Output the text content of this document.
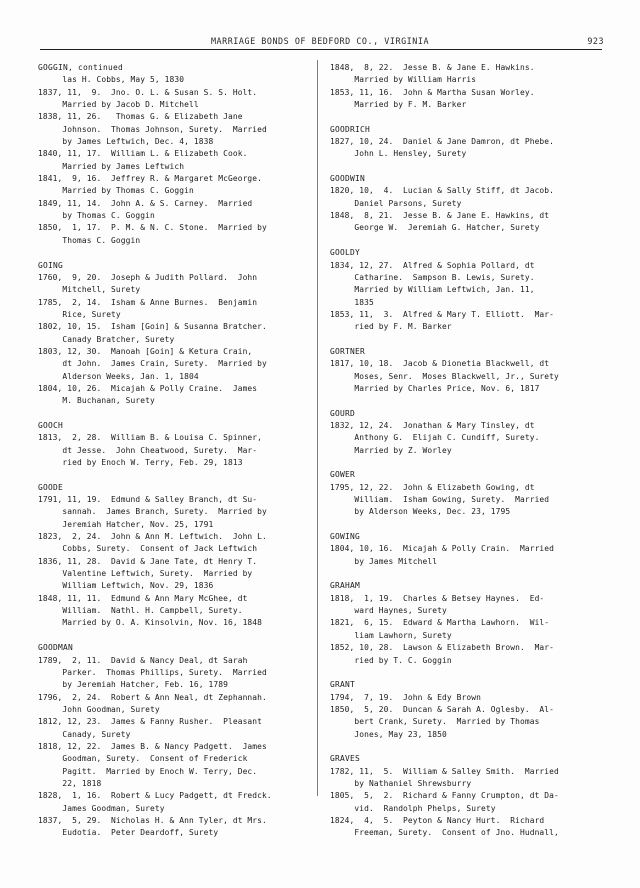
MARRIAGE BONDS OF BEDFORD CO., VIRGINIA	923
GOGGIN, continued
las H. Cobbs, May 5, 1830
1837, 11,  9.  Jno. O. L. & Susan S. S. Holt.
Married by Jacob D. Mitchell
1838, 11, 26.   Thomas G. & Elizabeth Jane
Johnson.  Thomas Johnson, Surety.  Married
by James Leftwich, Dec. 4, 1838
1840, 11, 17.  William L. & Elizabeth Cook.
Married by James Leftwich
1841,  9, 16.  Jeffrey R. & Margaret McGeorge.
Married by Thomas C. Goggin
1849, 11, 14.  John A. & S. Carney.  Married
by Thomas C. Goggin
1850,  1, 17.  P. M. & N. C. Stone.  Married by
Thomas C. Goggin
GOING
1760,  9, 20.  Joseph & Judith Pollard.  John
Mitchell, Surety
1785,  2, 14.  Isham & Anne Burnes.  Benjamin
Rice, Surety
1802, 10, 15.  Isham [Goin] & Susanna Bratcher.
Canady Bratcher, Surety
1803, 12, 30.  Manoah [Goin] & Ketura Crain,
dt John.  James Crain, Surety.  Married by
Alderson Weeks, Jan. 1, 1804
1804, 10, 26.  Micajah & Polly Craine.  James
M. Buchanan, Surety
GOOCH
1813,  2, 28.  William B. & Louisa C. Spinner,
dt Jesse.  John Cheatwood, Surety.  Mar-
ried by Enoch W. Terry, Feb. 29, 1813
GOODE
1791, 11, 19.  Edmund & Salley Branch, dt Su-
sannah.  James Branch, Surety.  Married by
Jeremiah Hatcher, Nov. 25, 1791
1823,  2, 24.  John & Ann M. Leftwich.  John L.
Cobbs, Surety.  Consent of Jack Leftwich
1836, 11, 28.  David & Jane Tate, dt Henry T.
Valentine Leftwich, Surety.  Married by
William Leftwich, Nov. 29, 1836
1848, 11, 11.  Edmund & Ann Mary McGhee, dt
William.  Nathl. H. Campbell, Surety.
Married by O. A. Kinsolvin, Nov. 16, 1848
GOODMAN
1789,  2, 11.  David & Nancy Deal, dt Sarah
Parker.  Thomas Phillips, Surety.  Married
by Jeremiah Hatcher, Feb. 16, 1789
1796,  2, 24.  Robert & Ann Neal, dt Zephannah.
John Goodman, Surety
1812, 12, 23.  James & Fanny Rusher.  Pleasant
Canady, Surety
1818, 12, 22.  James B. & Nancy Padgett.  James
Goodman, Surety.  Consent of Frederick
Pagitt.  Married by Enoch W. Terry, Dec.
22, 1818
1828,  1, 16.  Robert & Lucy Padgett, dt Fredck.
James Goodman, Surety
1837,  5, 29.  Nicholas H. & Ann Tyler, dt Mrs.
Eudotia.  Peter Deardoff, Surety
1848,  8, 22.  Jesse B. & Jane E. Hawkins.
Married by William Harris
1853, 11, 16.  John & Martha Susan Worley.
Married by F. M. Barker
GOODRICH
1827, 10, 24.  Daniel & Jane Damron, dt Phebe.
John L. Hensley, Surety
GOODWIN
1820, 10,  4.  Lucian & Sally Stiff, dt Jacob.
Daniel Parsons, Surety
1848,  8, 21.  Jesse B. & Jane E. Hawkins, dt
George W.  Jeremiah G. Hatcher, Surety
GOOLDY
1834, 12, 27.  Alfred & Sophia Pollard, dt
Catharine.  Sampson B. Lewis, Surety.
Married by William Leftwich, Jan. 11,
1835
1853, 11,  3.  Alfred & Mary T. Elliott.  Mar-
ried by F. M. Barker
GORTNER
1817, 10, 18.  Jacob & Dionetia Blackwell, dt
Moses, Senr.  Moses Blackwell, Jr., Surety
Married by Charles Price, Nov. 6, 1817
GOURD
1832, 12, 24.  Jonathan & Mary Tinsley, dt
Anthony G.  Elijah C. Cundiff, Surety.
Married by Z. Worley
GOWER
1795, 12, 22.  John & Elizabeth Gowing, dt
William.  Isham Gowing, Surety.  Married
by Alderson Weeks, Dec. 23, 1795
GOWING
1804, 10, 16.  Micajah & Polly Crain.  Married
by James Mitchell
GRAHAM
1818,  1, 19.  Charles & Betsey Haynes.  Ed-
ward Haynes, Surety
1821,  6, 15.  Edward & Martha Lawhorn.  Wil-
liam Lawhorn, Surety
1852, 10, 28.  Lawson & Elizabeth Brown.  Mar-
ried by T. C. Goggin
GRANT
1794,  7, 19.  John & Edy Brown
1850,  5, 20.  Duncan & Sarah A. Oglesby.  Al-
bert Crank, Surety.  Married by Thomas
Jones, May 23, 1850
GRAVES
1782, 11,  5.  William & Salley Smith.  Married
by Nathaniel Shrewsburry
1805,  5,  2.  Richard & Fanny Crumpton, dt Da-
vid.  Randolph Phelps, Surety
1824,  4,  5.  Peyton & Nancy Hurt.  Richard
Freeman, Surety.  Consent of Jno. Hudnall,
